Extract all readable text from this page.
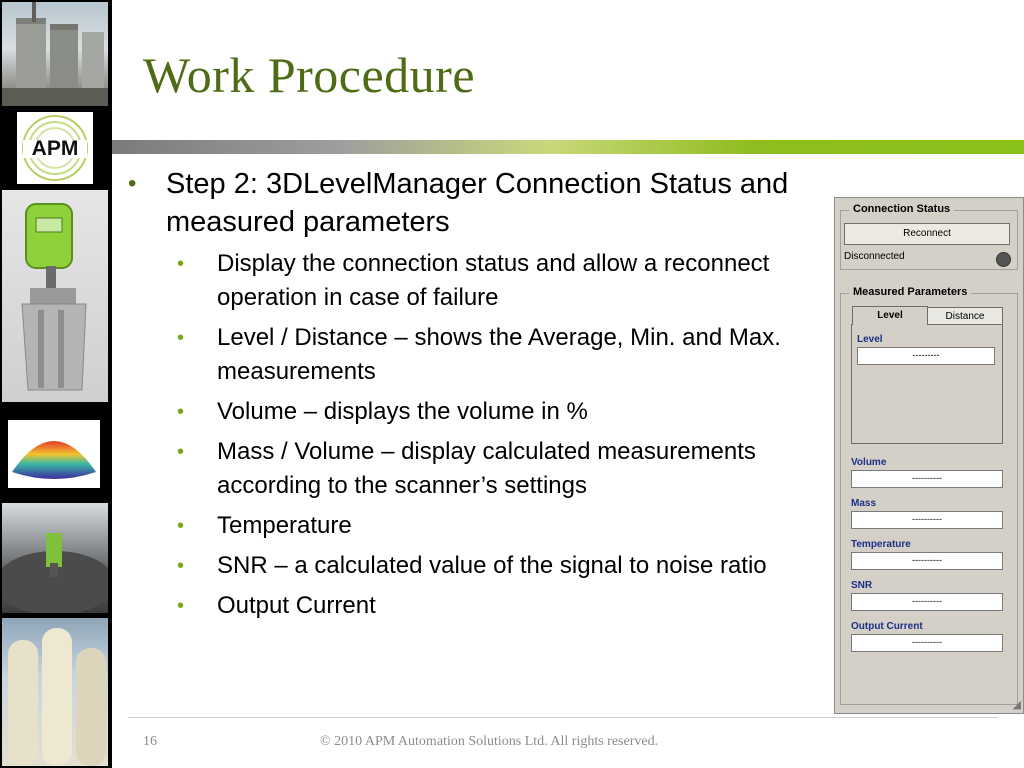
APM
Work Procedure
• Step 2: 3DLevelManager Connection Status and measured parameters
• Display the connection status and allow a reconnect operation in case of failure
• Level / Distance – shows the Average, Min. and Max. measurements
• Volume – displays the volume in %
• Mass / Volume – display calculated measurements according to the scanner’s settings
• Temperature
• SNR – a calculated value of the signal to noise ratio
• Output Current
Connection Status
Reconnect
Disconnected
Measured Parameters
Level	Distance
Level
---------
Volume
----------
Mass
----------
Temperature
----------
SNR
----------
Output Current
----------
◢
16	© 2010 APM Automation Solutions Ltd. All rights reserved.
